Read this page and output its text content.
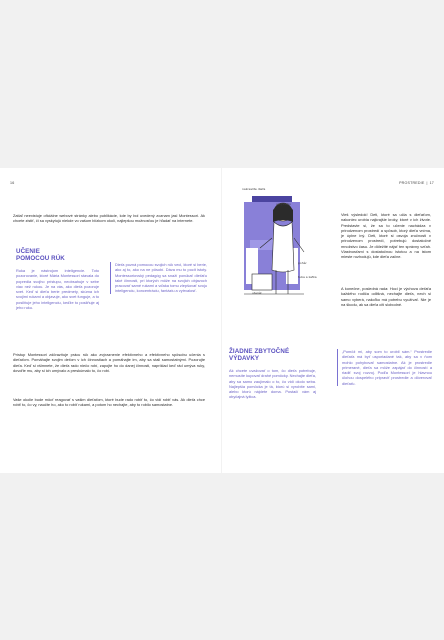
16	PROSTREDIE | 17

Zatiaľ neexistuje oficiálne webové stránky alebo publikácie, kde by bol uvedený zoznam jasl Montessori. Ak chcete zistiť, či sa vyskytujú niekde vo vašom blízkom okolí, najlepšou možnosťou je hľadať na internete.

UČENIE
POMOCOU RÚK

Ruka je nástrojom inteligencie. Toto pozorovanie, ktoré Mária Montessori stavala do popredia svojho prístupu, neobsahuje v sebe viac než rukou. Je na vás, ako dieťa pozoruje svet. Keď si dieťa berie predmety, skúma ich svojimi rukami a objavuje, ako svet funguje, a to posilňuje jeho inteligenciu, keďže to posilňuje aj jeho ruku.

Dieťa pozná pomocou svojich rúk veci, ktoré si berie, ako aj to, ako na ne pôsobí. Dáva mu to pocit istoty. Montessoriovský pedagóg sa snaží ponúkať dieťaťu také činnosti, pri ktorých môže na svojich objavoch pracovať samé rukami a vďaka tomu zlepšovať svoju inteligenciu, koncentráciu, fantáziu a vytrvalosť.

Prístup Montessori zdôrazňuje prácu rúk ako zvýraznenie efektívneho a efektívneho spôsobu učenia s dieťaťom. Pomáhajte svojim deťom v ich činnostiach a pomáhajte im, aby sa stali samostatnými. Pozorujte dieťa. Keď si všimnete, že dieťa rado niečo robí, zapojte ho do danej činnosti, napríklad keď rád umýva ruky, dovoľte mu, aby si ich umývalo a preskúmalo to, čo robí.

Vaše okolie bude môcť reagovať s vašim dieťaťom, ktoré bude rado robiť to, čo vidí robiť vás. Ak dieťa chce robiť to, čo vy, naučte ho, ako to robiť rukami, a potom ho nechajte, aby to robilo samostatne.

nakreslite dieťa
umyvadlo
pohár
tuba a kefka
uterák

Vieš výsledok! Deti, ktoré sa učia s dieťaťom, nakoniec urobia najkrajšie kroky, ktoré v ich živote. Predstavte si, že sa to učenie nachádza v prirodzenom prostredí a spôsob, ktorý dieťa vníma, je úplne iný. Deti, ktoré si osvoja zručnosti v prirodzenom prostredí, potrebujú dostatočné množstvo času. Je dôležité nájsť ten správny vzťah. Vlastnosťami s dostatočnou istotou a na istom mieste rozhodujú, kde dieťa začne.

A konečne, posledná rada: Hoci je výchova deťaťa každého rodiča odlišná, nechajte dieťa, nech si samo vyberá, nakoľko má potrebu využívať. Nie je na škodu, ak sa dieťa cíti slobodné.

ŽIADNE ZBYTOČNÉ
VÝDAVKY

Ak chcete uvažovať o tom, čo dieťa potrebuje, nemusíte kupovať drahé pomôcky. Nechajte dieťa, aby sa samo zaujímalo o to, čo vidí okolo seba. Najlepšia pomôcka je tá, ktorú si vyrobíte sami, alebo ktorú nájdete doma. Postačí vám aj obyčajná lyžica.

„Pomôž mi, aby som to urobil sám.“ Prostredie dieťaťa má byť usporiadané tak, aby sa v ňom mohlo pohybovať samostatne. Ak je prostredie primerané, dieťa sa môže zapájať do činností a riadiť svoj rozvoj. Podľa Montessori je hlavnou úlohou dospelého pripraviť prostredie a dôverovať dieťaťu.
